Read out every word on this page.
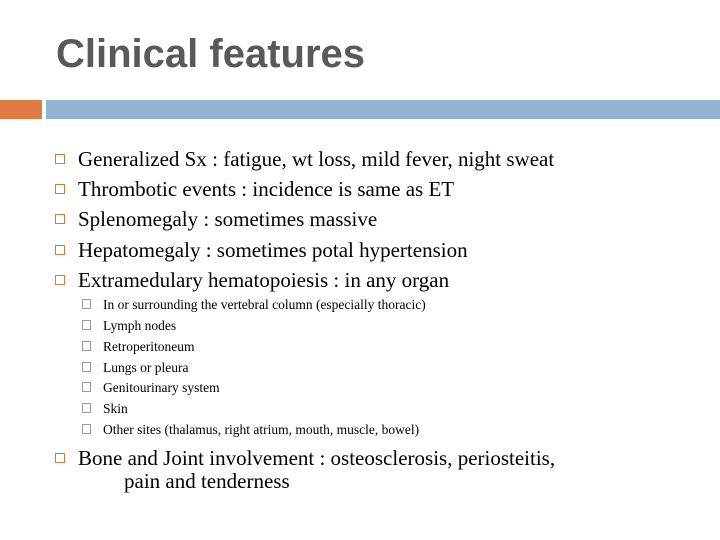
Clinical features
Generalized Sx : fatigue, wt loss, mild fever, night sweat
Thrombotic events : incidence is same as ET
Splenomegaly : sometimes massive
Hepatomegaly : sometimes potal hypertension
Extramedulary hematopoiesis : in any organ
In or surrounding the vertebral column (especially thoracic)
Lymph nodes
Retroperitoneum
Lungs or pleura
Genitourinary system
Skin
Other sites (thalamus, right atrium, mouth, muscle, bowel)
Bone and Joint involvement : osteosclerosis, periosteitis,
pain and tenderness
